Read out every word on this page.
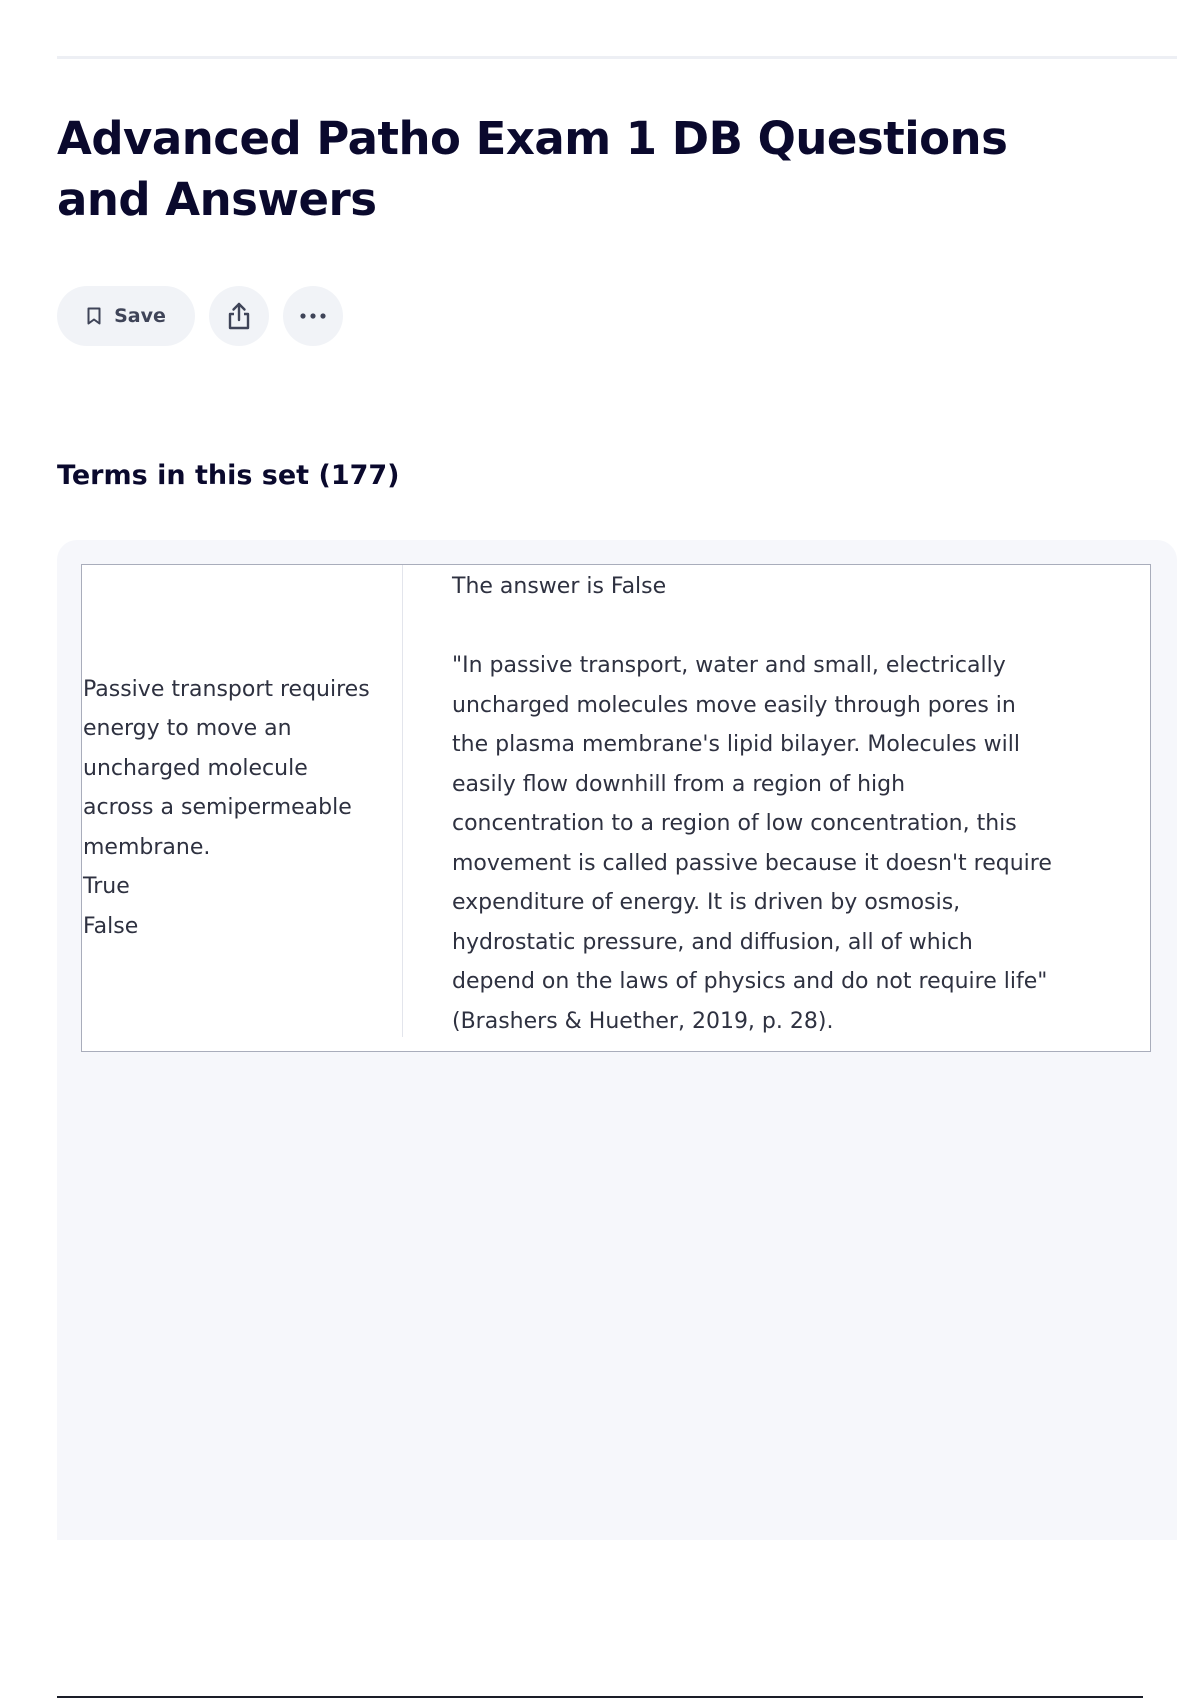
Advanced Patho Exam 1 DB Questions and Answers
Save
Terms in this set (177)
Passive transport requires
energy to move an
uncharged molecule
across a semipermeable
membrane.
True
False
The answer is False
"In passive transport, water and small, electrically
uncharged molecules move easily through pores in
the plasma membrane's lipid bilayer. Molecules will
easily flow downhill from a region of high
concentration to a region of low concentration, this
movement is called passive because it doesn't require
expenditure of energy. It is driven by osmosis,
hydrostatic pressure, and diffusion, all of which
depend on the laws of physics and do not require life"
(Brashers & Huether, 2019, p. 28).
